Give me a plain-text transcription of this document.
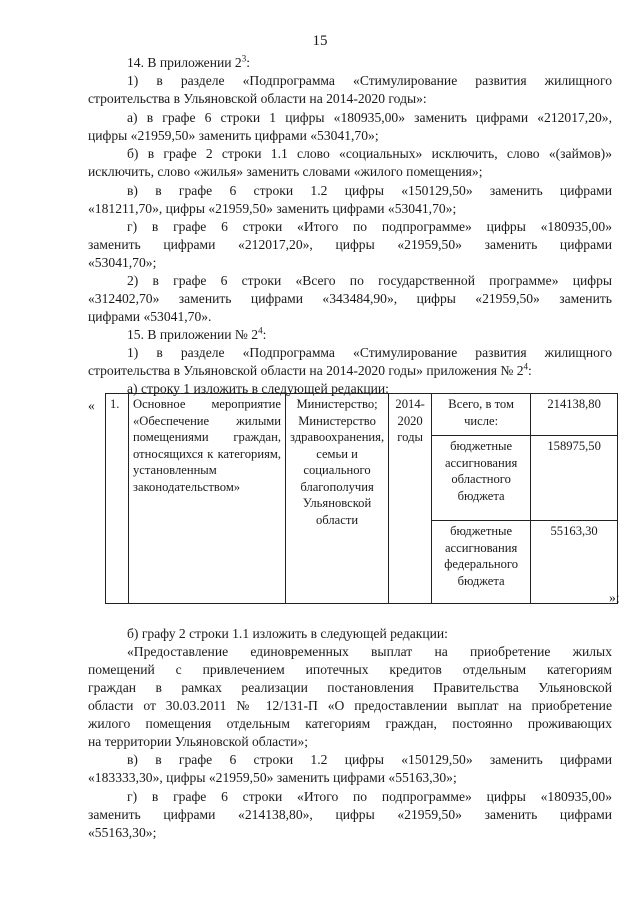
15
14. В приложении $2^3$:
1) в разделе «Подпрограмма «Стимулирование развития жилищного
строительства в Ульяновской области на 2014-2020 годы»:
а) в графе 6 строки 1 цифры «180935,00» заменить цифрами «212017,20»,
цифры «21959,50» заменить цифрами «53041,70»;
б) в графе 2 строки 1.1 слово «социальных» исключить, слово «(займов)»
исключить, слово «жилья» заменить словами «жилого помещения»;
в) в графе 6 строки 1.2 цифры «150129,50» заменить цифрами
«181211,70», цифры «21959,50» заменить цифрами «53041,70»;
г) в графе 6 строки «Итого по подпрограмме» цифры «180935,00»
заменить цифрами «212017,20», цифры «21959,50» заменить цифрами
«53041,70»;
2) в графе 6 строки «Всего по государственной программе» цифры
«312402,70» заменить цифрами «343484,90», цифры «21959,50» заменить
цифрами «53041,70».
15. В приложении № $2^4$:
1) в разделе «Подпрограмма «Стимулирование развития жилищного
строительства в Ульяновской области на 2014-2020 годы» приложения № $2^4$:
а) строку 1 изложить в следующей редакции:
« 1.	Основное мероприятие «Обеспечение жилыми помещениями граждан, относящихся к категориям, установленным законодательством»	Министерство; Министерство здравоохранения, семьи и социального благополучия Ульяновской области	2014-2020 годы	Всего, в том числе:	214138,80
				бюджетные ассигнования областного бюджета	158975,50
				бюджетные ассигнования федерального бюджета	55163,30
»;
б) графу 2 строки 1.1 изложить в следующей редакции:
«Предоставление единовременных выплат на приобретение жилых
помещений с привлечением ипотечных кредитов отдельным категориям
граждан в рамках реализации постановления Правительства Ульяновской
области от 30.03.2011 № 12/131-П «О предоставлении выплат на приобретение
жилого помещения отдельным категориям граждан, постоянно проживающих
на территории Ульяновской области»;
в) в графе 6 строки 1.2 цифры «150129,50» заменить цифрами
«183333,30», цифры «21959,50» заменить цифрами «55163,30»;
г) в графе 6 строки «Итого по подпрограмме» цифры «180935,00»
заменить цифрами «214138,80», цифры «21959,50» заменить цифрами
«55163,30»;
